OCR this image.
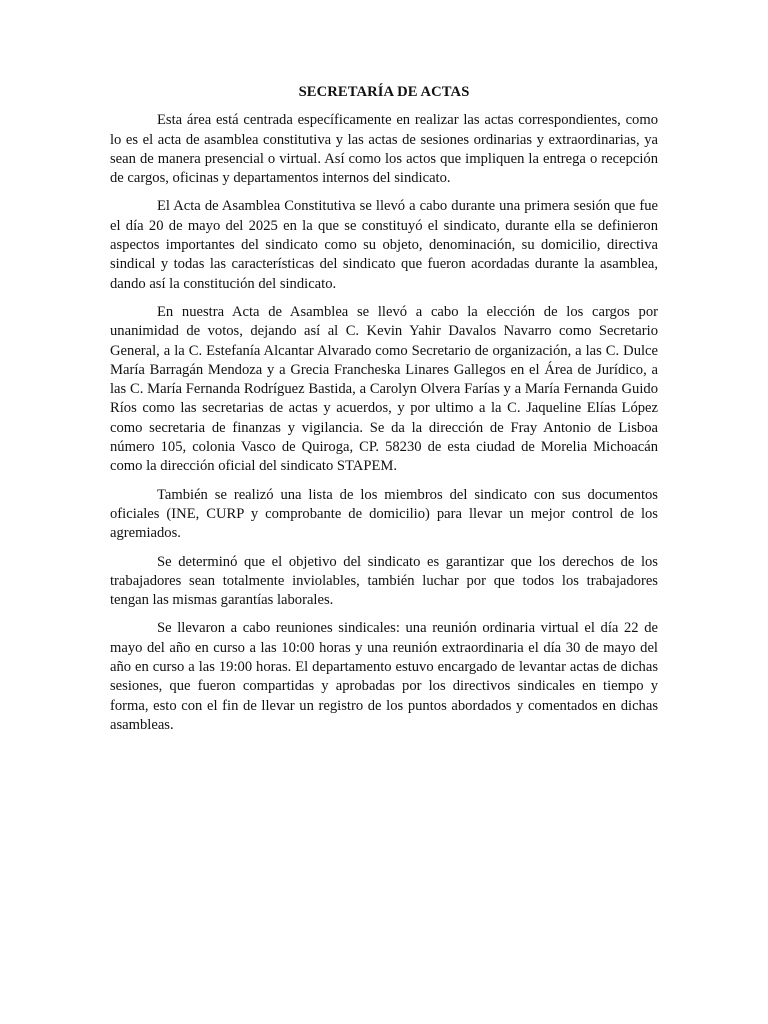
SECRETARÍA DE ACTAS

Esta área está centrada específicamente en realizar las actas correspondientes, como lo es el acta de asamblea constitutiva y las actas de sesiones ordinarias y extraordinarias, ya sean de manera presencial o virtual. Así como los actos que impliquen la entrega o recepción de cargos, oficinas y departamentos internos del sindicato.

El Acta de Asamblea Constitutiva se llevó a cabo durante una primera sesión que fue el día 20 de mayo del 2025 en la que se constituyó el sindicato, durante ella se definieron aspectos importantes del sindicato como su objeto, denominación, su domicilio, directiva sindical y todas las características del sindicato que fueron acordadas durante la asamblea, dando así la constitución del sindicato.

En nuestra Acta de Asamblea se llevó a cabo la elección de los cargos por unanimidad de votos, dejando así al C. Kevin Yahir Davalos Navarro como Secretario General, a la C. Estefanía Alcantar Alvarado como Secretario de organización, a las C. Dulce María Barragán Mendoza y a Grecia Francheska Linares Gallegos en el Área de Jurídico, a las C. María Fernanda Rodríguez Bastida, a Carolyn Olvera Farías y a María Fernanda Guido Ríos como las secretarias de actas y acuerdos, y por ultimo a la C. Jaqueline Elías López como secretaria de finanzas y vigilancia. Se da la dirección de Fray Antonio de Lisboa número 105, colonia Vasco de Quiroga, CP. 58230 de esta ciudad de Morelia Michoacán como la dirección oficial del sindicato STAPEM.

También se realizó una lista de los miembros del sindicato con sus documentos oficiales (INE, CURP y comprobante de domicilio) para llevar un mejor control de los agremiados.

Se determinó que el objetivo del sindicato es garantizar que los derechos de los trabajadores sean totalmente inviolables, también luchar por que todos los trabajadores tengan las mismas garantías laborales.

Se llevaron a cabo reuniones sindicales: una reunión ordinaria virtual el día 22 de mayo del año en curso a las 10:00 horas y una reunión extraordinaria el día 30 de mayo del año en curso a las 19:00 horas. El departamento estuvo encargado de levantar actas de dichas sesiones, que fueron compartidas y aprobadas por los directivos sindicales en tiempo y forma, esto con el fin de llevar un registro de los puntos abordados y comentados en dichas asambleas.
